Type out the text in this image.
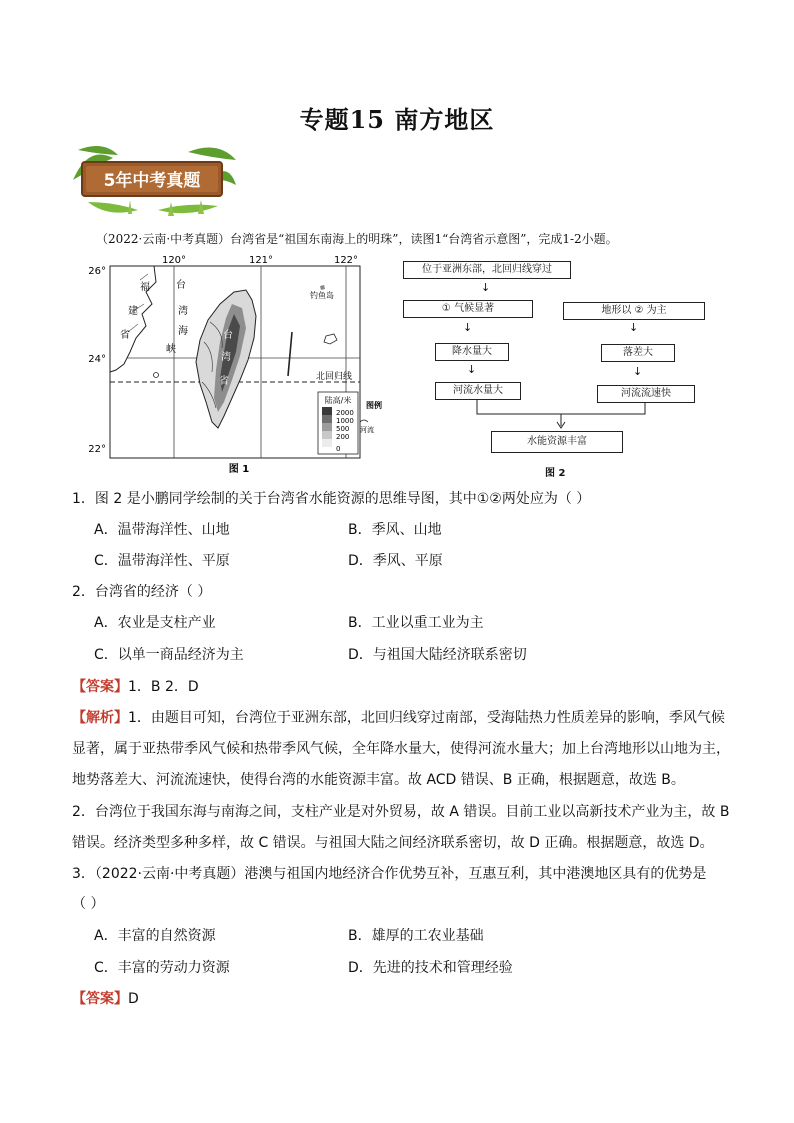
专题15 南方地区
5年中考真题
（2022·云南·中考真题）台湾省是“祖国东南海上的明珠”，读图1“台湾省示意图”，完成1-2小题。
120°	121°	122°
26°
24°
22°
福
建
省
台
湾
海
峡
台
湾
省
钓鱼岛
北回归线
陆高/米
2000
1000
500
200
0
图例
河流
图 1
位于亚洲东部，北回归线穿过
↓
① 气候显著	地形以 ② 为主
↓	↓
降水量大	落差大
↓	↓
河流水量大	河流流速快
水能资源丰富
图 2
1．图 2 是小鹏同学绘制的关于台湾省水能资源的思维导图，其中①②两处应为（ ）
A．温带海洋性、山地	B．季风、山地
C．温带海洋性、平原	D．季风、平原
2．台湾省的经济（ ）
A．农业是支柱产业	B．工业以重工业为主
C．以单一商品经济为主	D．与祖国大陆经济联系密切
【答案】1．B 2．D
【解析】1．由题目可知，台湾位于亚洲东部，北回归线穿过南部，受海陆热力性质差异的影响，季风气候
显著，属于亚热带季风气候和热带季风气候，全年降水量大，使得河流水量大；加上台湾地形以山地为主，
地势落差大、河流流速快，使得台湾的水能资源丰富。故 ACD 错误、B 正确，根据题意，故选 B。
2．台湾位于我国东海与南海之间，支柱产业是对外贸易，故 A 错误。目前工业以高新技术产业为主，故 B
错误。经济类型多种多样，故 C 错误。与祖国大陆之间经济联系密切，故 D 正确。根据题意，故选 D。
3．（2022·云南·中考真题）港澳与祖国内地经济合作优势互补，互惠互利，其中港澳地区具有的优势是
（ ）
A．丰富的自然资源	B．雄厚的工农业基础
C．丰富的劳动力资源	D．先进的技术和管理经验
【答案】D
